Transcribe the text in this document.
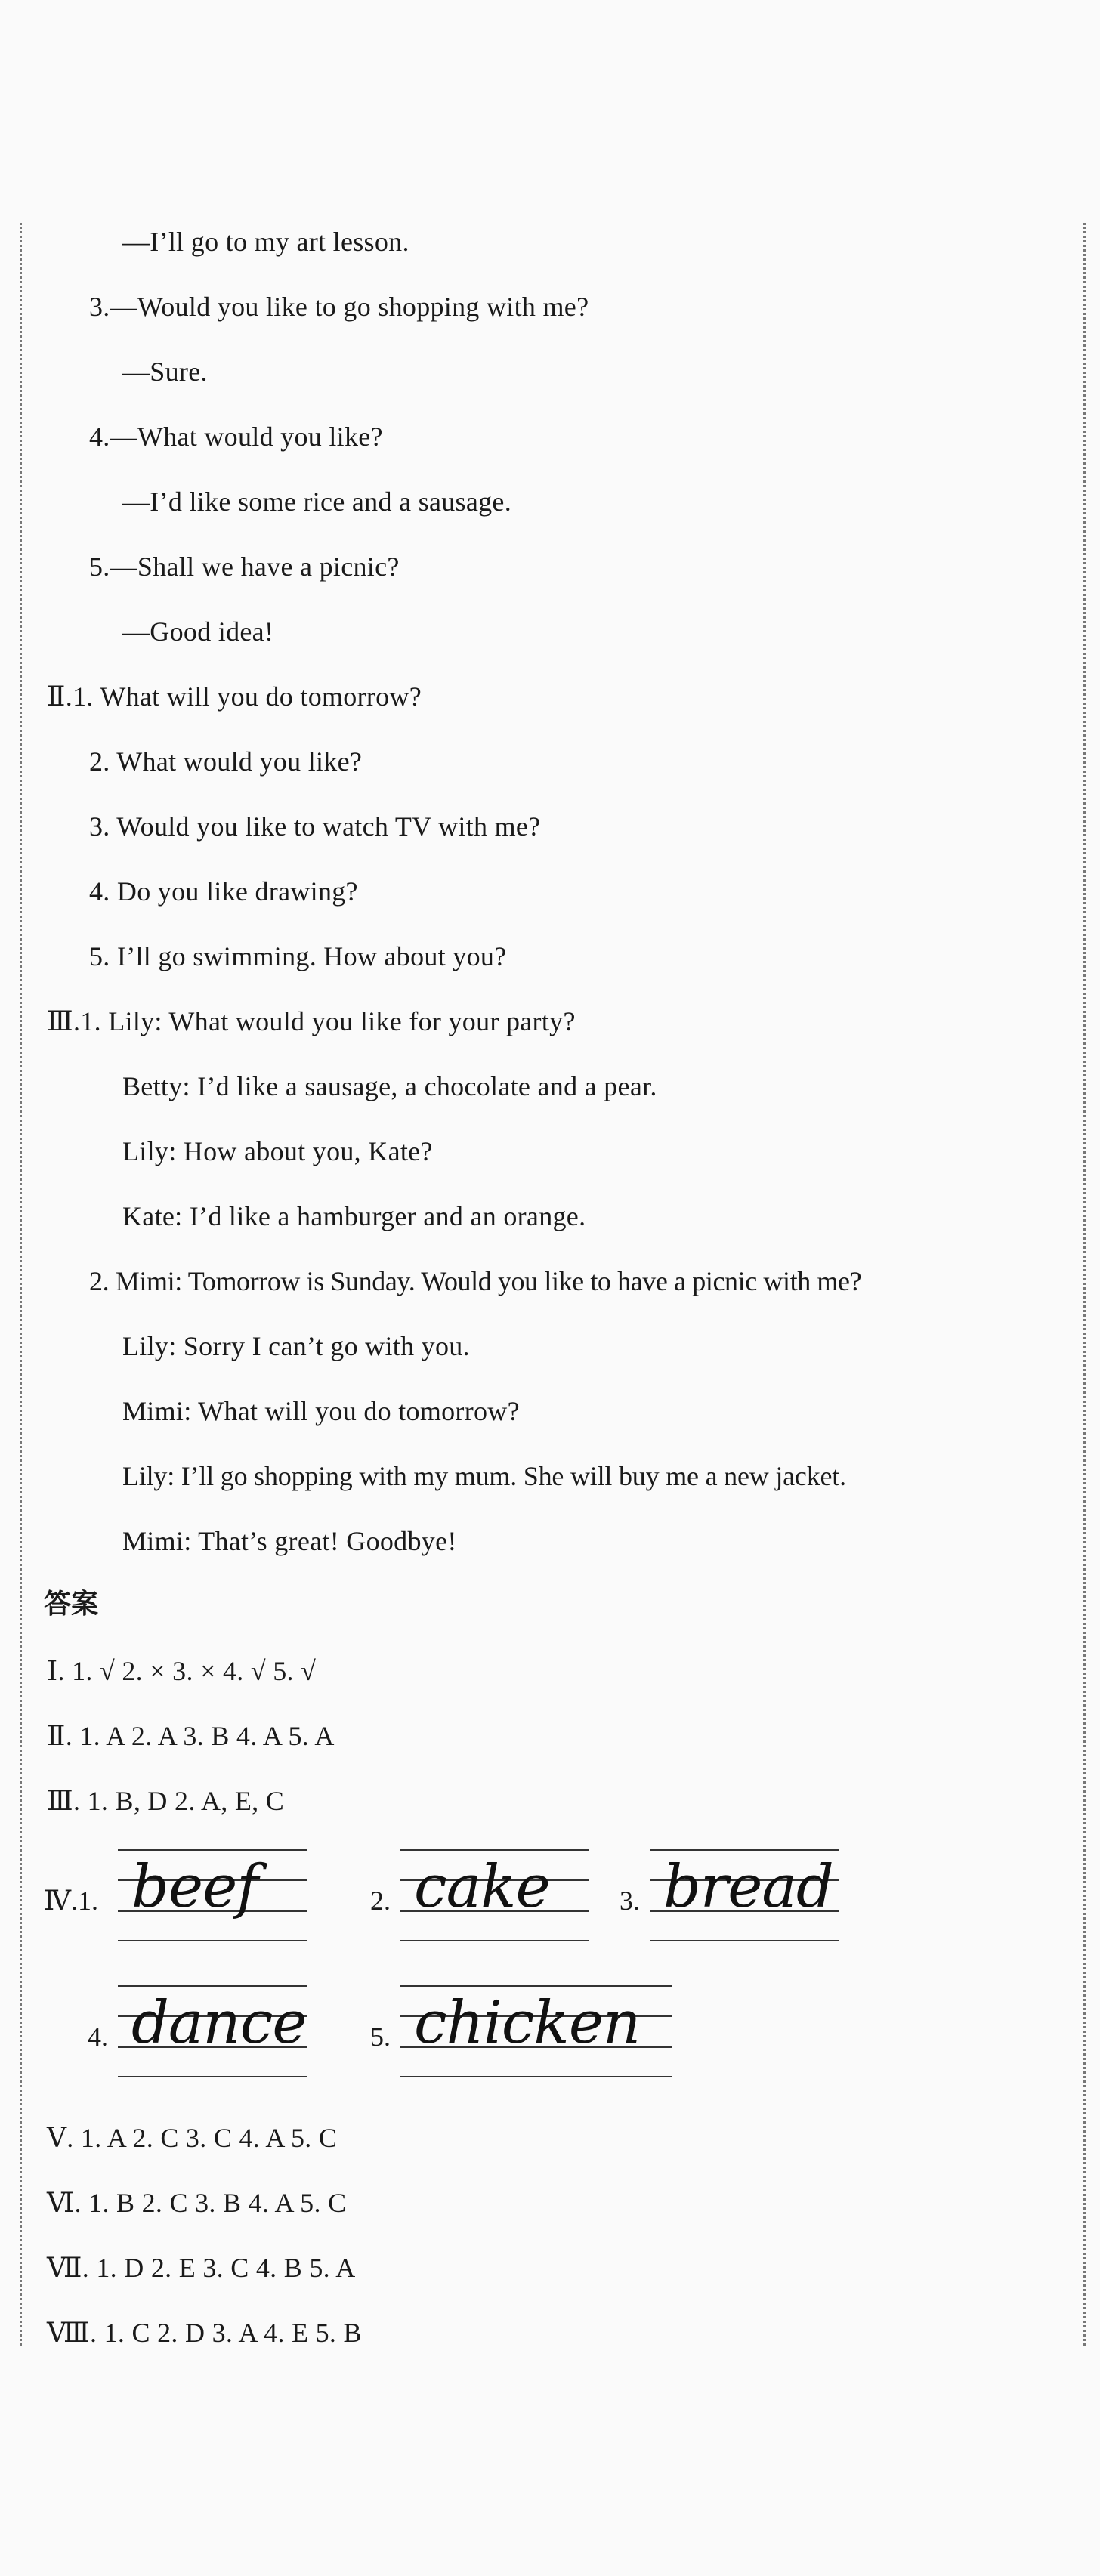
—I’ll go to my art lesson.
3.—Would you like to go shopping with me?
—Sure.
4.—What would you like?
—I’d like some rice and a sausage.
5.—Shall we have a picnic?
—Good idea!
Ⅱ.1. What will you do tomorrow?
2. What would you like?
3. Would you like to watch TV with me?
4. Do you like drawing?
5. I’ll go swimming. How about you?
Ⅲ.1. Lily: What would you like for your party?
Betty: I’d like a sausage, a chocolate and a pear.
Lily: How about you, Kate?
Kate: I’d like a hamburger and an orange.
2. Mimi: Tomorrow is Sunday. Would you like to have a picnic with me?
Lily: Sorry I can’t go with you.
Mimi: What will you do tomorrow?
Lily: I’ll go shopping with my mum. She will buy me a new jacket.
Mimi: That’s great! Goodbye!
答案
Ⅰ. 1. √ 2. × 3. × 4. √ 5. √
Ⅱ. 1. A 2. A 3. B 4. A 5. A
Ⅲ. 1. B, D 2. A, E, C
Ⅳ.1. beef	2. cake	3. bread
4. dance 5. chicken
Ⅴ. 1. A 2. C 3. C 4. A 5. C
Ⅵ. 1. B 2. C 3. B 4. A 5. C
Ⅶ. 1. D 2. E 3. C 4. B 5. A
Ⅷ. 1. C 2. D 3. A 4. E 5. B
